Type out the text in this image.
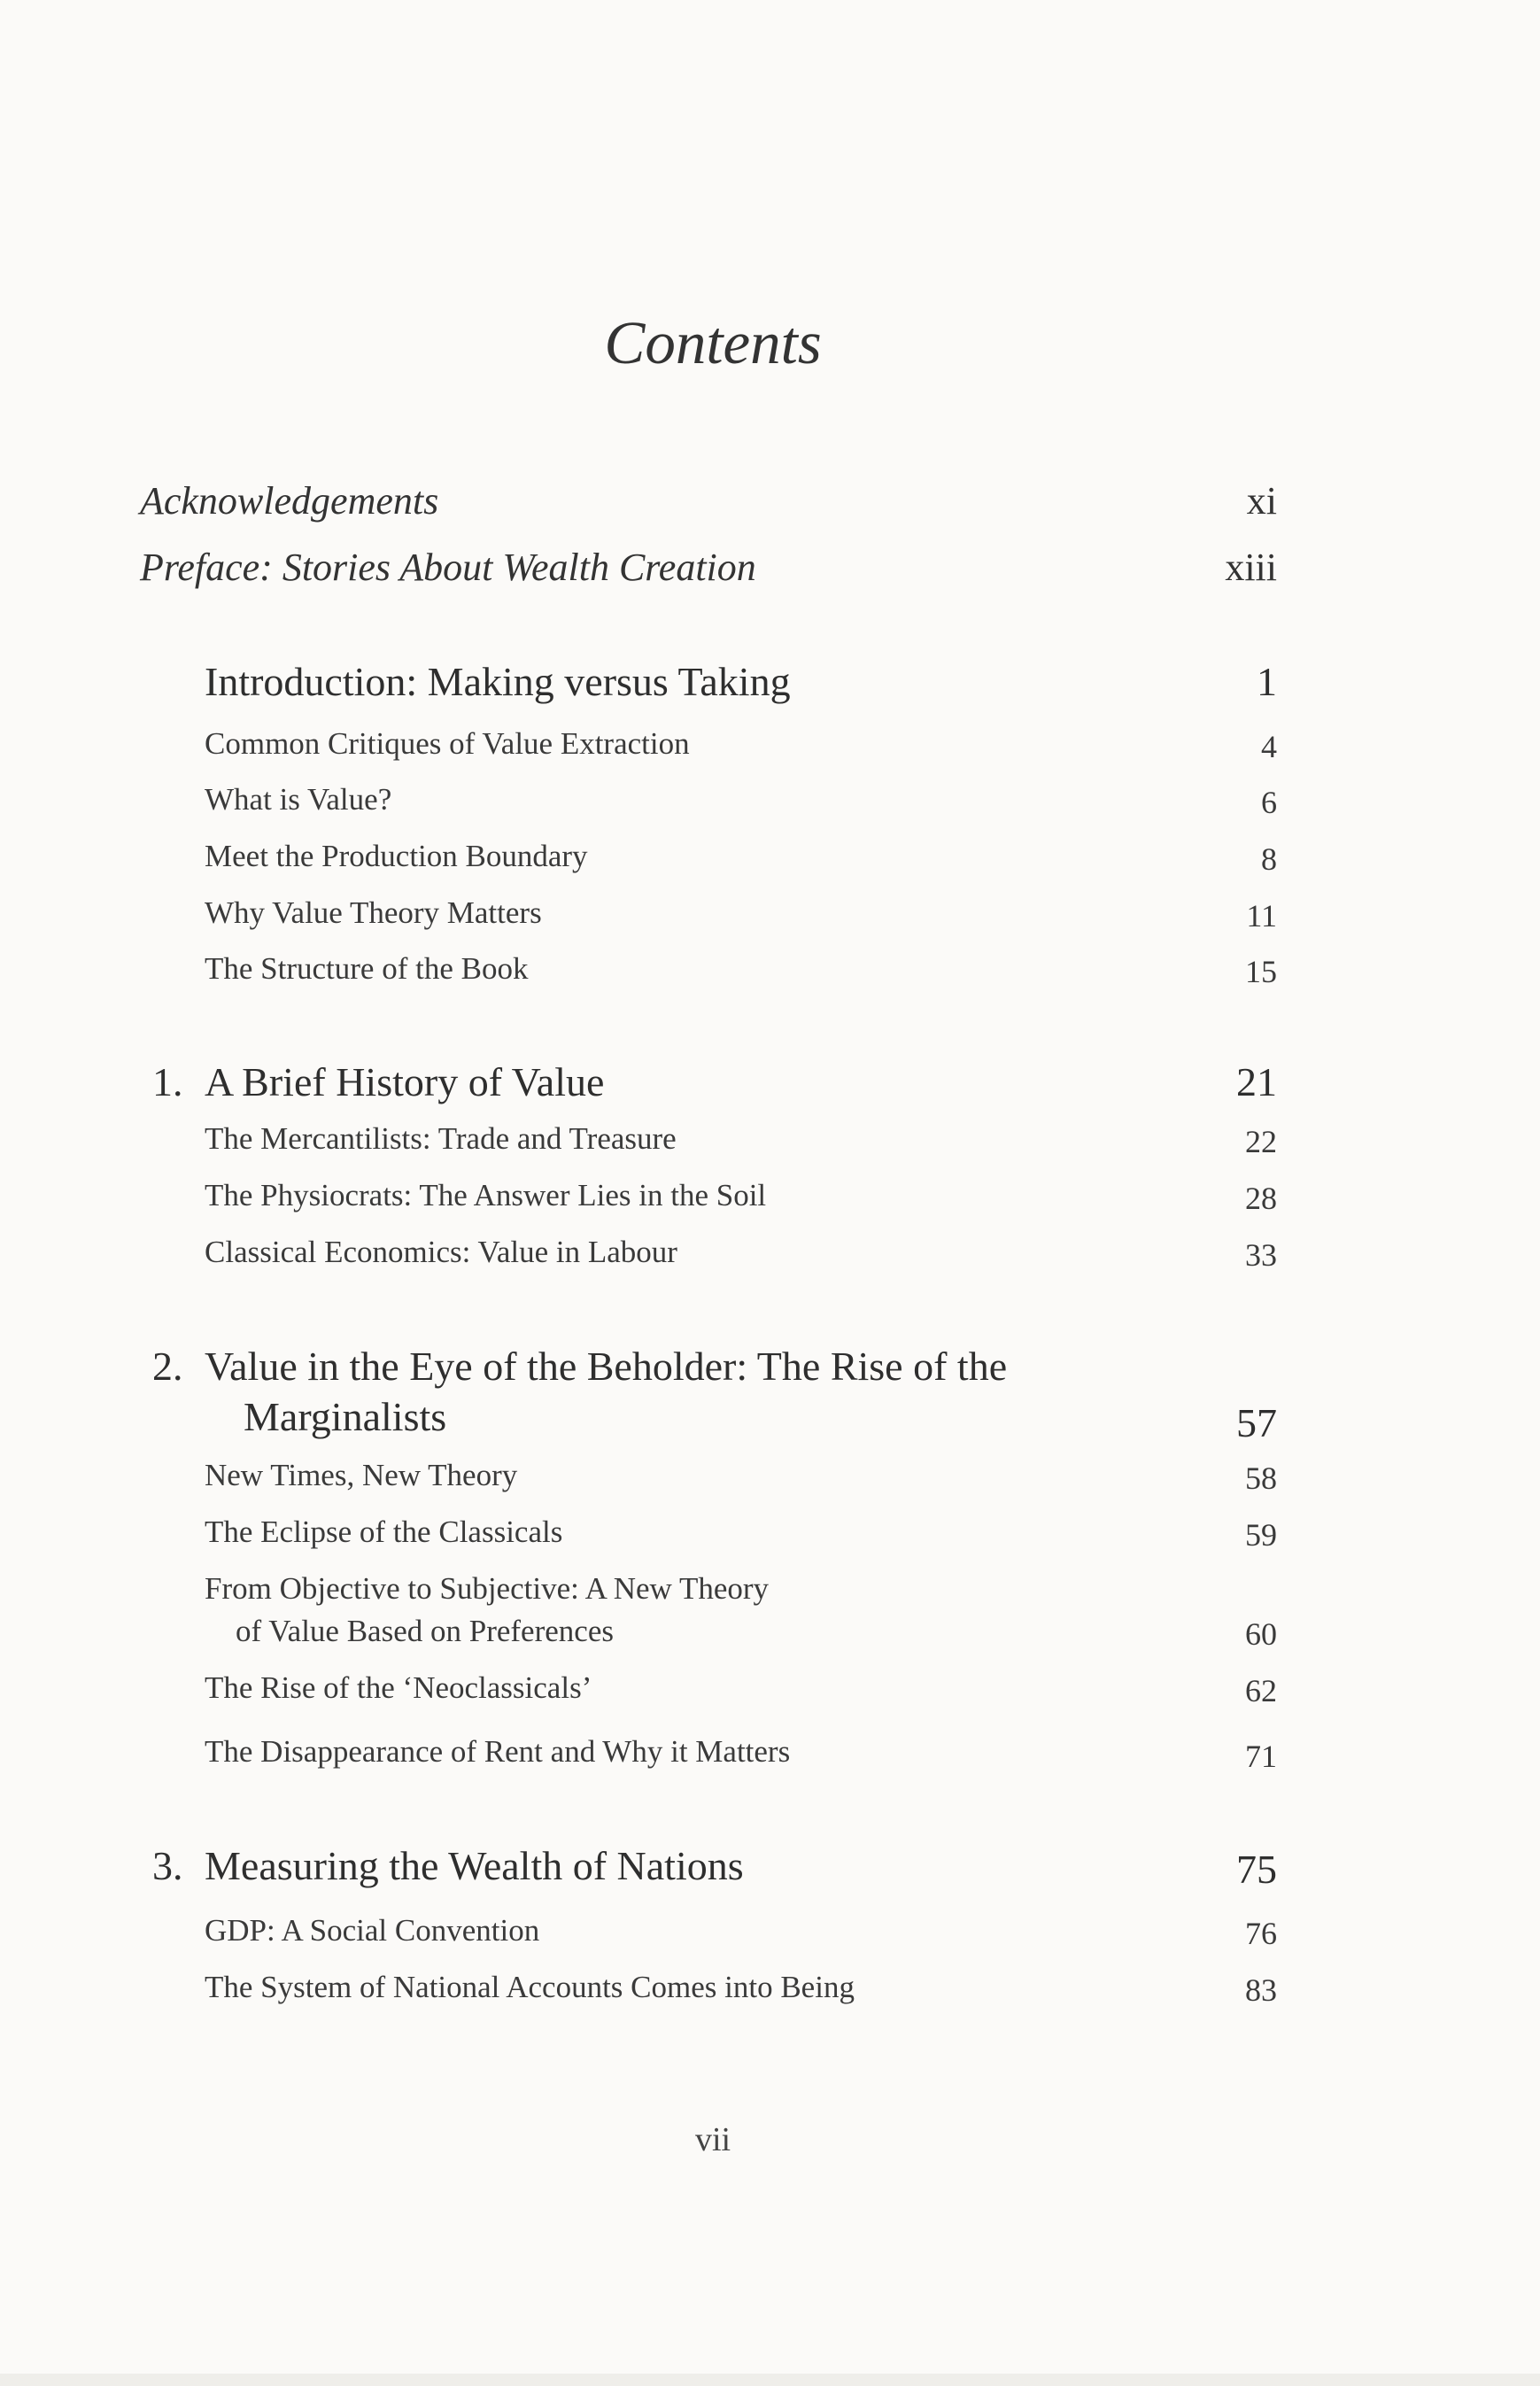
Contents
Acknowledgements	xi
Preface: Stories About Wealth Creation	xiii
Introduction: Making versus Taking	1
Common Critiques of Value Extraction	4
What is Value?	6
Meet the Production Boundary	8
Why Value Theory Matters	11
The Structure of the Book	15
1. A Brief History of Value	21
The Mercantilists: Trade and Treasure	22
The Physiocrats: The Answer Lies in the Soil	28
Classical Economics: Value in Labour	33
2. Value in the Eye of the Beholder: The Rise of the
Marginalists	57
New Times, New Theory	58
The Eclipse of the Classicals	59
From Objective to Subjective: A New Theory
of Value Based on Preferences	60
The Rise of the ‘Neoclassicals’	62
The Disappearance of Rent and Why it Matters	71
3. Measuring the Wealth of Nations	75
GDP: A Social Convention	76
The System of National Accounts Comes into Being	83
vii
